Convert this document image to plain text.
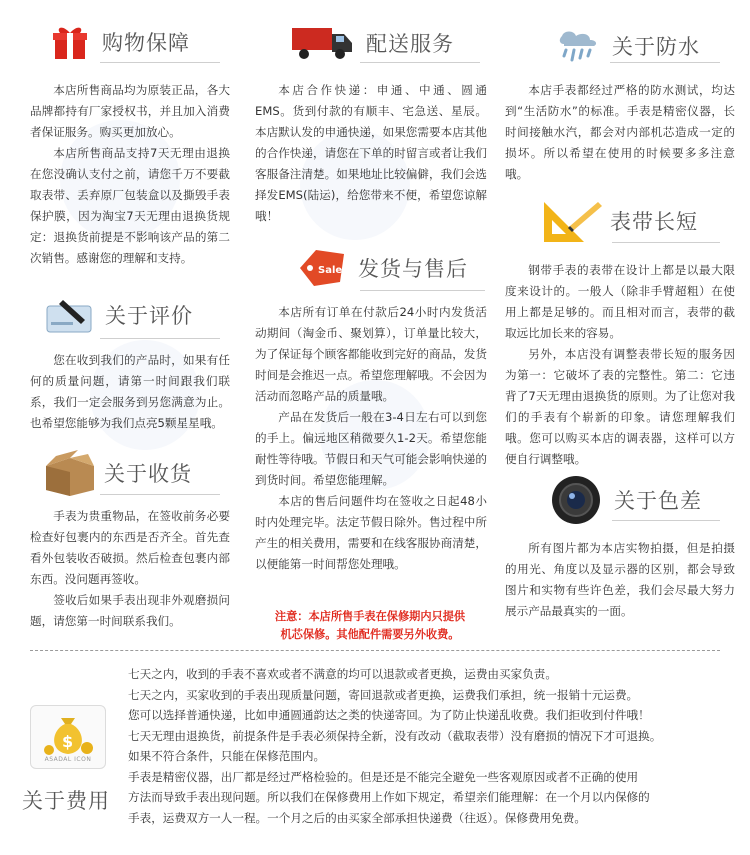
购物保障

本店所售商品均为原装正品，各大品牌都持有厂家授权书，并且加入消费者保证服务。购买更加放心。

本店所售商品支持7天无理由退换在您没确认支付之前，请您千万不要截取表带、丢弃原厂包装盒以及撕毁手表保护膜，因为淘宝7天无理由退换货规定：退换货前提是不影响该产品的第二次销售。感谢您的理解和支持。

关于评价

您在收到我们的产品时，如果有任何的质量问题，请第一时间跟我们联系，我们一定会服务到另您满意为止。也希望您能够为我们点亮5颗星星哦。

关于收货

手表为贵重物品，在签收前务必要检查好包裹内的东西是否齐全。首先查看外包装收否破损。然后检查包裹内部东西。没问题再签收。

签收后如果手表出现非外观磨损问题，请您第一时间联系我们。

配送服务

本店合作快递：申通、中通、圆通EMS。货到付款的有顺丰、宅急送、星辰。本店默认发的申通快递，如果您需要本店其他的合作快递，请您在下单的时留言或者让我们客服备注清楚。如果地址比较偏僻，我们会选择发EMS(陆运)，给您带来不便，希望您谅解哦！

Sale 发货与售后

本店所有订单在付款后24小时内发货活动期间（淘金币、聚划算），订单量比较大，为了保证每个顾客都能收到完好的商品，发货时间是会推迟一点。希望您理解哦。不会因为活动而忽略产品的质量哦。

产品在发货后一般在3-4日左右可以到您的手上。偏远地区稍微要久1-2天。希望您能耐性等待哦。节假日和天气可能会影响快递的到货时间。希望您能理解。

本店的售后问题件均在签收之日起48小时内处理完毕。法定节假日除外。售过程中所产生的相关费用，需要和在线客服协商清楚，以便能第一时间帮您处理哦。

注意：本店所售手表在保修期内只提供
机芯保修。其他配件需要另外收费。
关于防水

本店手表都经过严格的防水测试，均达到“生活防水”的标准。手表是精密仪器，长时间接触水汽，都会对内部机芯造成一定的损坏。所以希望在使用的时候要多多注意哦。

表带长短

钢带手表的表带在设计上都是以最大限度来设计的。一般人（除非手臂超粗）在使用上都是足够的。而且相对而言，表带的截取远比加长来的容易。

另外，本店没有调整表带长短的服务因为第一：它破坏了表的完整性。第二：它违背了7天无理由退换货的原则。为了让您对我们的手表有个崭新的印象。请您理解我们哦。您可以购买本店的调表器，这样可以方便自行调整哦。

关于色差

所有图片都为本店实物拍摄，但是拍摄的用光、角度以及显示器的区别，都会导致图片和实物有些许色差，我们会尽最大努力展示产品最真实的一面。

$
ASADAL ICON
关于费用

七天之内，收到的手表不喜欢或者不满意的均可以退款或者更换，运费由买家负责。

七天之内，买家收到的手表出现质量问题，寄回退款或者更换，运费我们承担，统一报销十元运费。

您可以选择普通快递，比如申通圆通韵达之类的快递寄回。为了防止快递乱收费。我们拒收到付件哦！

七天无理由退换货，前提条件是手表必须保持全新，没有改动（截取表带）没有磨损的情况下才可退换。

如果不符合条件，只能在保修范围内。

手表是精密仪器，出厂都是经过严格检验的。但是还是不能完全避免一些客观原因或者不正确的使用

方法而导致手表出现问题。所以我们在保修费用上作如下规定，希望亲们能理解：在一个月以内保修的

手表，运费双方一人一程。一个月之后的由买家全部承担快递费（往返）。保修费用免费。
